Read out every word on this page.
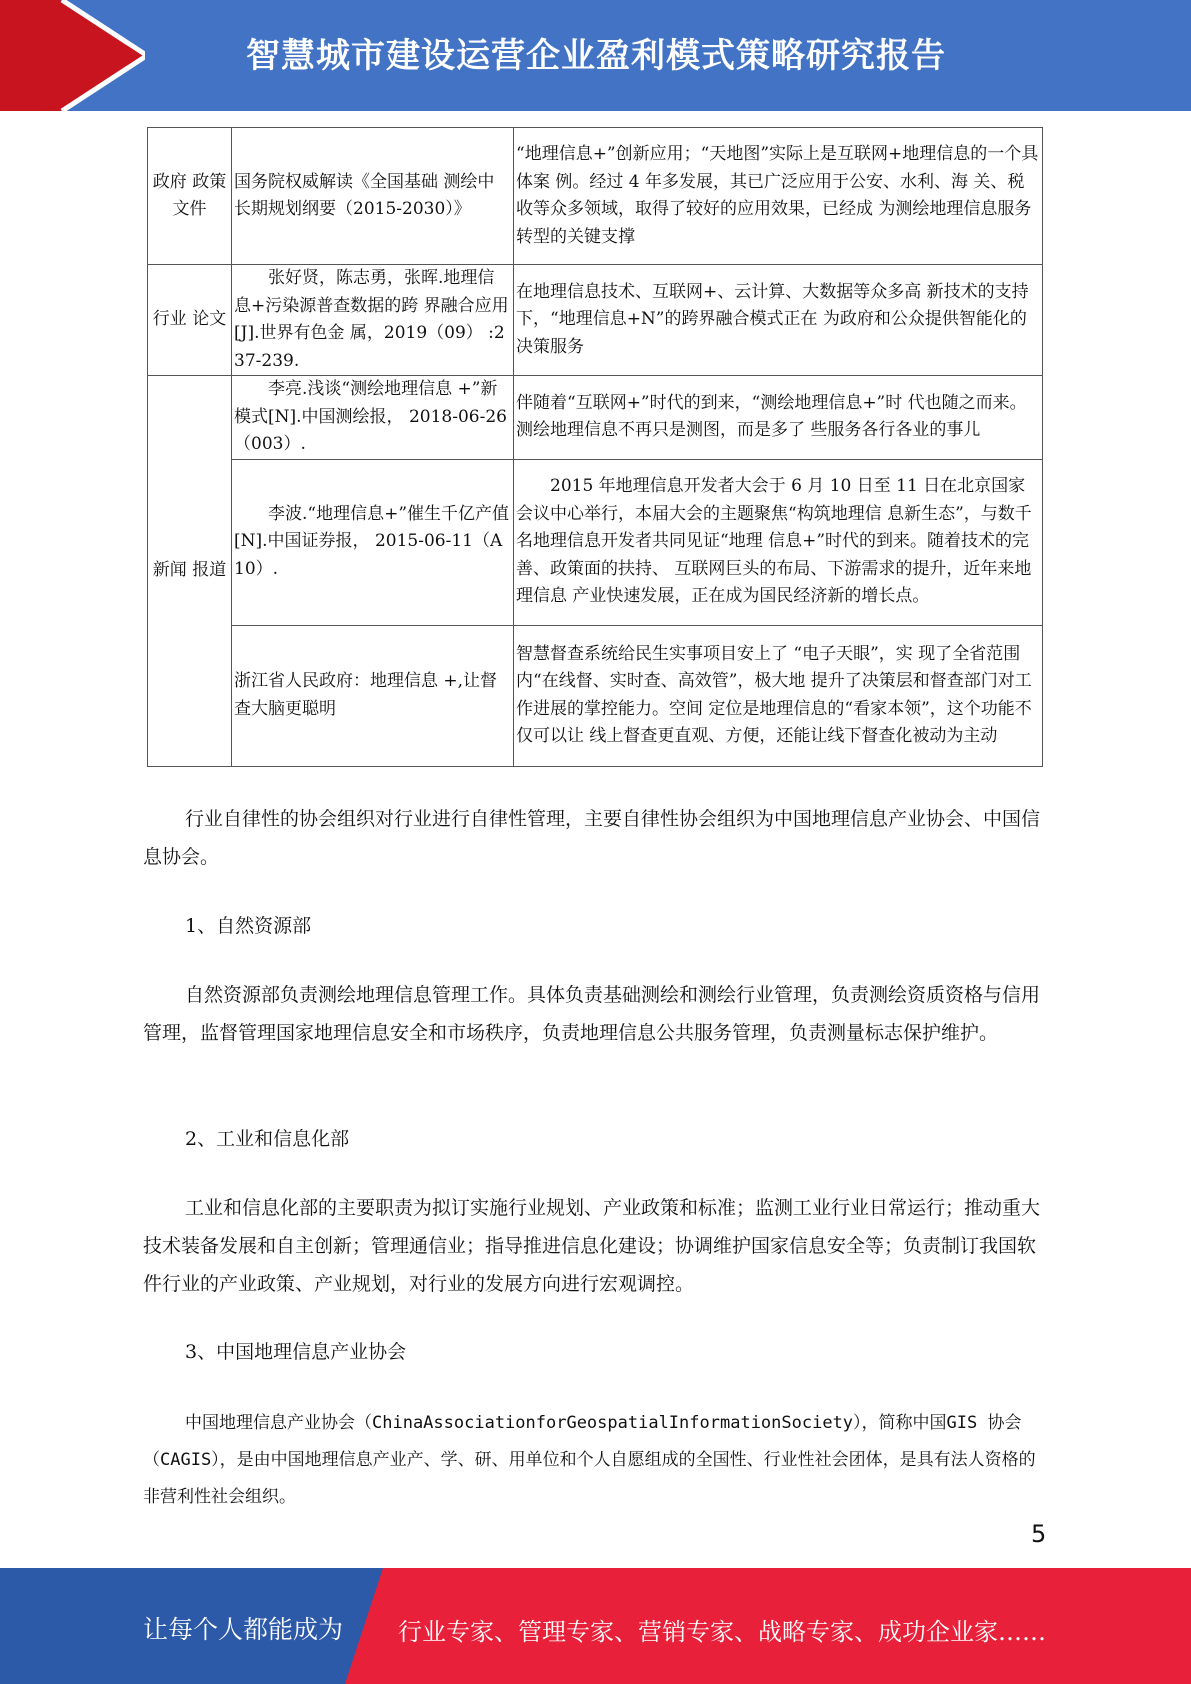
智慧城市建设运营企业盈利模式策略研究报告
政府 政策 文件	国务院权威解读《全国基础 测绘中长期规划纲要（2015-2030）》	“地理信息+”创新应用；“天地图”实际上是互联网+地理信息的一个具体案 例。经过 4 年多发展，其已广泛应用于公安、水利、海 关、税收等众多领域，取得了较好的应用效果，已经成 为测绘地理信息服务转型的关键支撑
行业 论文	张好贤，陈志勇，张晖.地理信息+污染源普查数据的跨 界融合应用[J].世界有色金 属，2019（09） :237-239.	在地理信息技术、互联网+、云计算、大数据等众多高 新技术的支持下，“地理信息+N”的跨界融合模式正在 为政府和公众提供智能化的决策服务
新闻 报道	李亮.浅谈“测绘地理信息 +”新模式[N].中国测绘报， 2018-06-26 （003）.	伴随着“互联网+”时代的到来，“测绘地理信息+”时 代也随之而来。测绘地理信息不再只是测图，而是多了 些服务各行各业的事儿
	李波.“地理信息+”催生千亿产值[N].中国证券报， 2015-06-11（A10）.	2015 年地理信息开发者大会于 6 月 10 日至 11 日在北京国家会议中心举行，本届大会的主题聚焦“构筑地理信 息新生态”，与数千名地理信息开发者共同见证“地理 信息+”时代的到来。随着技术的完善、政策面的扶持、 互联网巨头的布局、下游需求的提升，近年来地理信息 产业快速发展，正在成为国民经济新的增长点。
	浙江省人民政府：地理信息 +,让督查大脑更聪明	智慧督查系统给民生实事项目安上了 “电子天眼”，实 现了全省范围内“在线督、实时查、高效管”，极大地 提升了决策层和督查部门对工作进展的掌控能力。空间 定位是地理信息的“看家本领”，这个功能不仅可以让 线上督查更直观、方便，还能让线下督查化被动为主动
行业自律性的协会组织对行业进行自律性管理，主要自律性协会组织为中国地理信息产业协会、中国信息协会。
1、自然资源部
自然资源部负责测绘地理信息管理工作。具体负责基础测绘和测绘行业管理，负责测绘资质资格与信用管理，监督管理国家地理信息安全和市场秩序，负责地理信息公共服务管理，负责测量标志保护维护。
2、工业和信息化部
工业和信息化部的主要职责为拟订实施行业规划、产业政策和标准；监测工业行业日常运行；推动重大技术装备发展和自主创新；管理通信业；指导推进信息化建设；协调维护国家信息安全等；负责制订我国软件行业的产业政策、产业规划，对行业的发展方向进行宏观调控。
3、中国地理信息产业协会
中国地理信息产业协会（ChinaAssociationforGeospatialInformationSociety），简称中国GIS 协会（CAGIS），是由中国地理信息产业产、学、研、用单位和个人自愿组成的全国性、行业性社会团体，是具有法人资格的非营利性社会组织。
5
让每个人都能成为 行业专家、管理专家、营销专家、战略专家、成功企业家……
